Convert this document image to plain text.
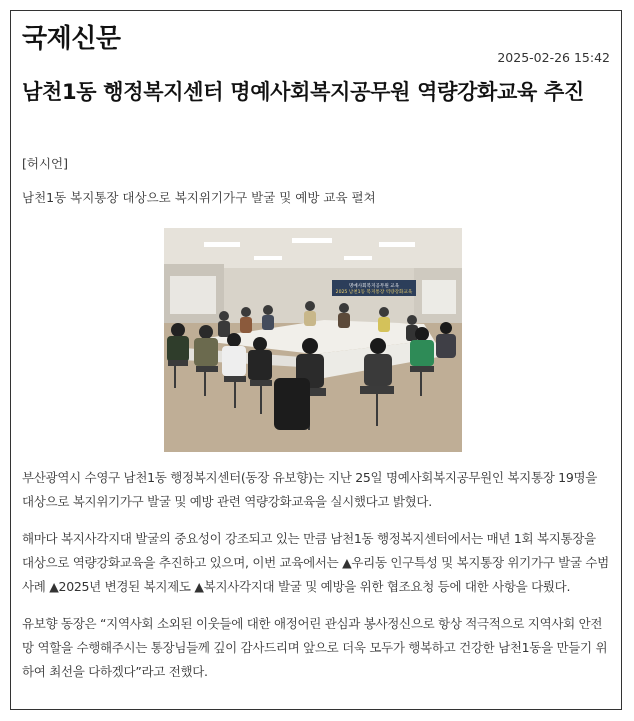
국제신문
2025-02-26 15:42
남천1동 행정복지센터 명예사회복지공무원 역량강화교육 추진
[허시언]
남천1동 복지통장 대상으로 복지위기가구 발굴 및 예방 교육 펼쳐
명예사회복지공무원 교육
2025 남천1동 복지통장 역량강화교육

부산광역시 수영구 남천1동 행정복지센터(동장 유보향)는 지난 25일 명예사회복지공무원인 복지통장 19명을 대상으로 복지위기가구 발굴 및 예방 관련 역량강화교육을 실시했다고 밝혔다.

해마다 복지사각지대 발굴의 중요성이 강조되고 있는 만큼 남천1동 행정복지센터에서는 매년 1회 복지통장을 대상으로 역량강화교육을 추진하고 있으며, 이번 교육에서는 ▲우리동 인구특성 및 복지통장 위기가구 발굴 수범사례 ▲2025년 변경된 복지제도 ▲복지사각지대 발굴 및 예방을 위한 협조요청 등에 대한 사항을 다뤘다.

유보향 동장은 “지역사회 소외된 이웃들에 대한 애정어린 관심과 봉사정신으로 항상 적극적으로 지역사회 안전망 역할을 수행해주시는 통장님들께 깊이 감사드리며 앞으로 더욱 모두가 행복하고 건강한 남천1동을 만들기 위하여 최선을 다하겠다”라고 전했다.
